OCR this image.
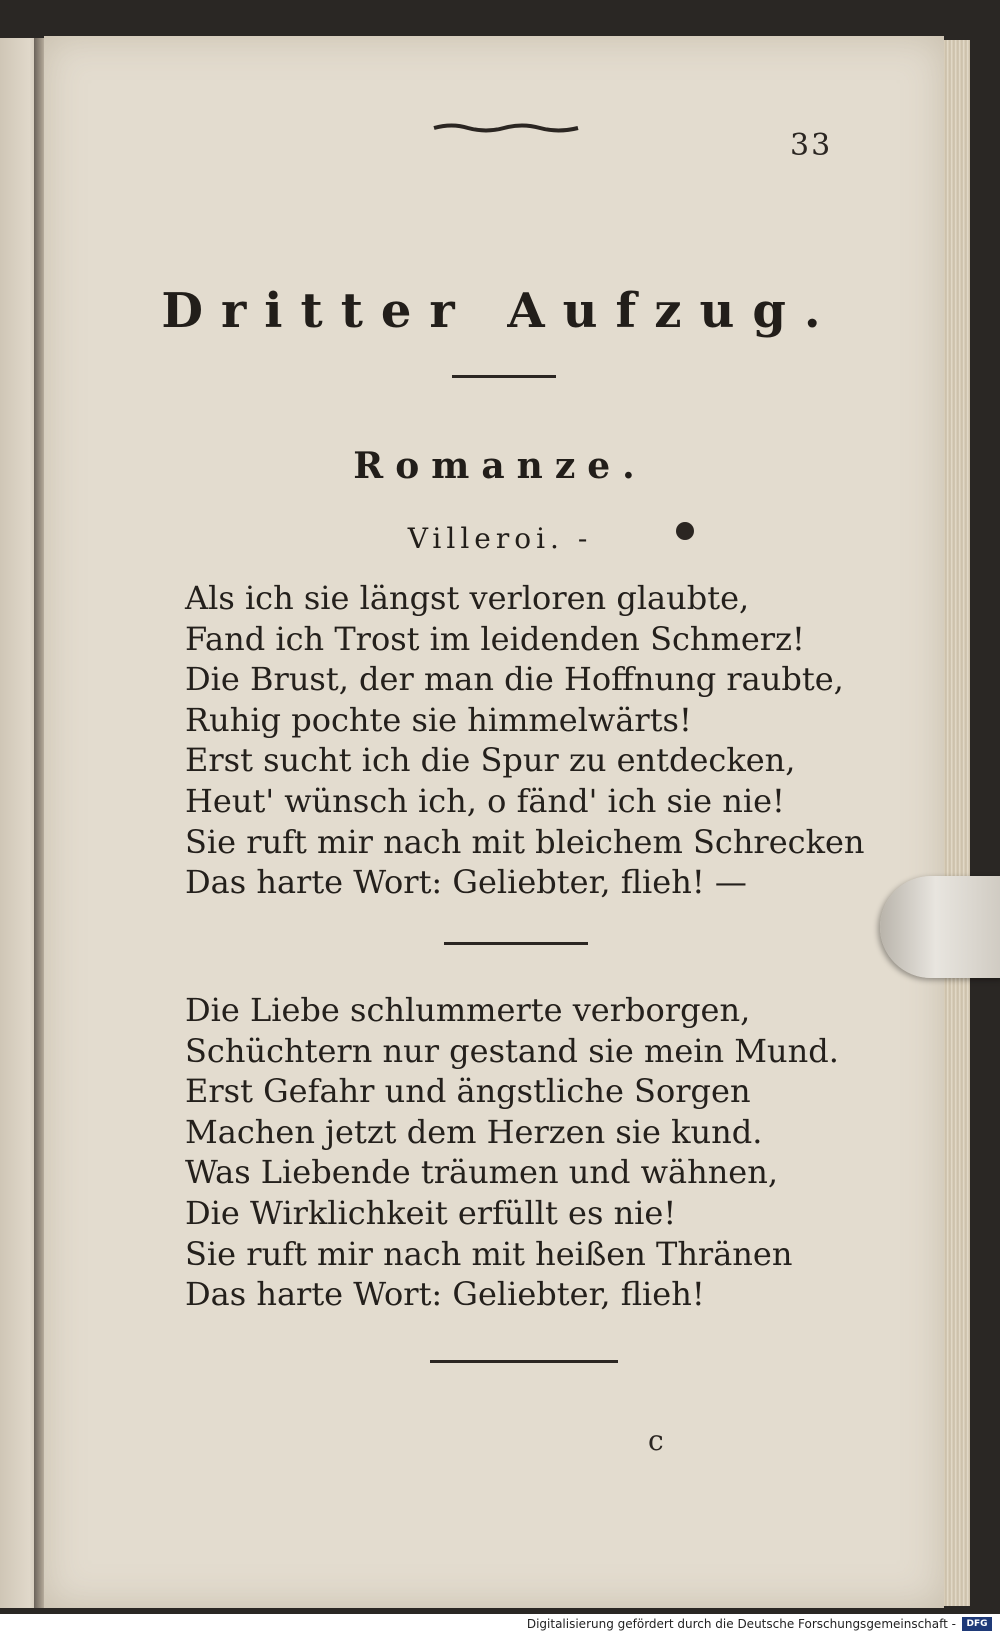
33
Dritter Aufzug.
Romanze.
Villeroi. -
Als ich sie längst verloren glaubte,
Fand ich Trost im leidenden Schmerz!
Die Brust, der man die Hoffnung raubte,
Ruhig pochte sie himmelwärts!
Erst sucht ich die Spur zu entdecken,
Heut' wünsch ich, o fänd' ich sie nie!
Sie ruft mir nach mit bleichem Schrecken
Das harte Wort: Geliebter, flieh! —
Die Liebe schlummerte verborgen,
Schüchtern nur gestand sie mein Mund.
Erst Gefahr und ängstliche Sorgen
Machen jetzt dem Herzen sie kund.
Was Liebende träumen und wähnen,
Die Wirklichkeit erfüllt es nie!
Sie ruft mir nach mit heißen Thränen
Das harte Wort: Geliebter, flieh!
c
Digitalisierung gefördert durch die Deutsche Forschungsgemeinschaft -	DFG
